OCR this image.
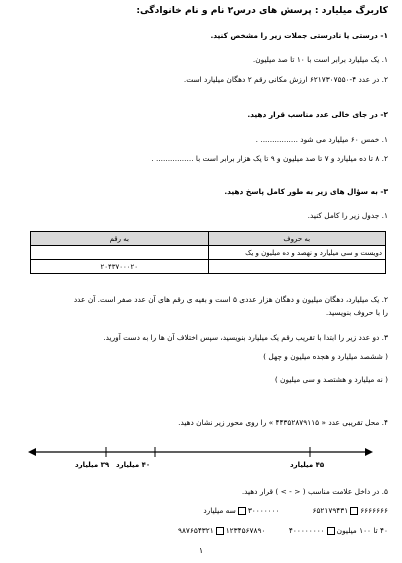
کاربرگ میلیارد : پرسش های درس۲ نام و نام خانوادگی:
۱- درستی یا نادرستی جملات زیر را مشخص کنید.
۱. یک میلیارد برابر است با ۱۰ تا صد میلیون.
۲. در عدد ۴-۶۲۱۷۳۰۷۵۵۰ ارزش مکانی رقم ۲ دهگان میلیارد است.
۲- در جای خالی عدد مناسب قرار دهید.
۱. خمس ۶۰ میلیارد می شود ................ .
۲. ۸ تا ده میلیارد و ۷ تا صد میلیون و ۹ تا یک هزار برابر است با ................ .
۳- به سؤال های زیر به طور کامل پاسخ دهید.
۱. جدول زیر را کامل کنید.
به حروف	به رقم
دویست و سی میلیارد و نهصد و ده میلیون و یک	
	۲۰۴۳۷۰۰۰۲۰
۲. یک میلیارد، دهگان میلیون و دهگان هزار عددی ۵ است و بقیه ی رقم های آن عدد صفر است. آن عدد
را با حروف بنویسید.
۳. دو عدد زیر را ابتدا با تقریب رقم یک میلیارد بنویسید، سپس اختلاف آن ها را به دست آورید.
( ششصد میلیارد و هجده میلیون و چهل )
( نه میلیارد و هشتصد و سی میلیون )
۴. محل تقریبی عدد « ۴۴۳۵۲۸۷۹۱۱۵ » را روی محور زیر نشان دهید.
۳۹ میلیارد ۴۰ میلیارد	۴۵ میلیارد
۵. در داخل علامت مناسب ( < - > ) قرار دهید.
۶۶۶۶۶۶۶۶۵۲۱۷۹۴۳۱              ۳۰۰۰۰۰۰۰سه میلیارد
۴۰ تا ۱۰۰ میلیون۴۰۰۰۰۰۰۰۰          ۱۲۳۴۵۶۷۸۹۰۹۸۷۶۵۴۳۲۱
۱
